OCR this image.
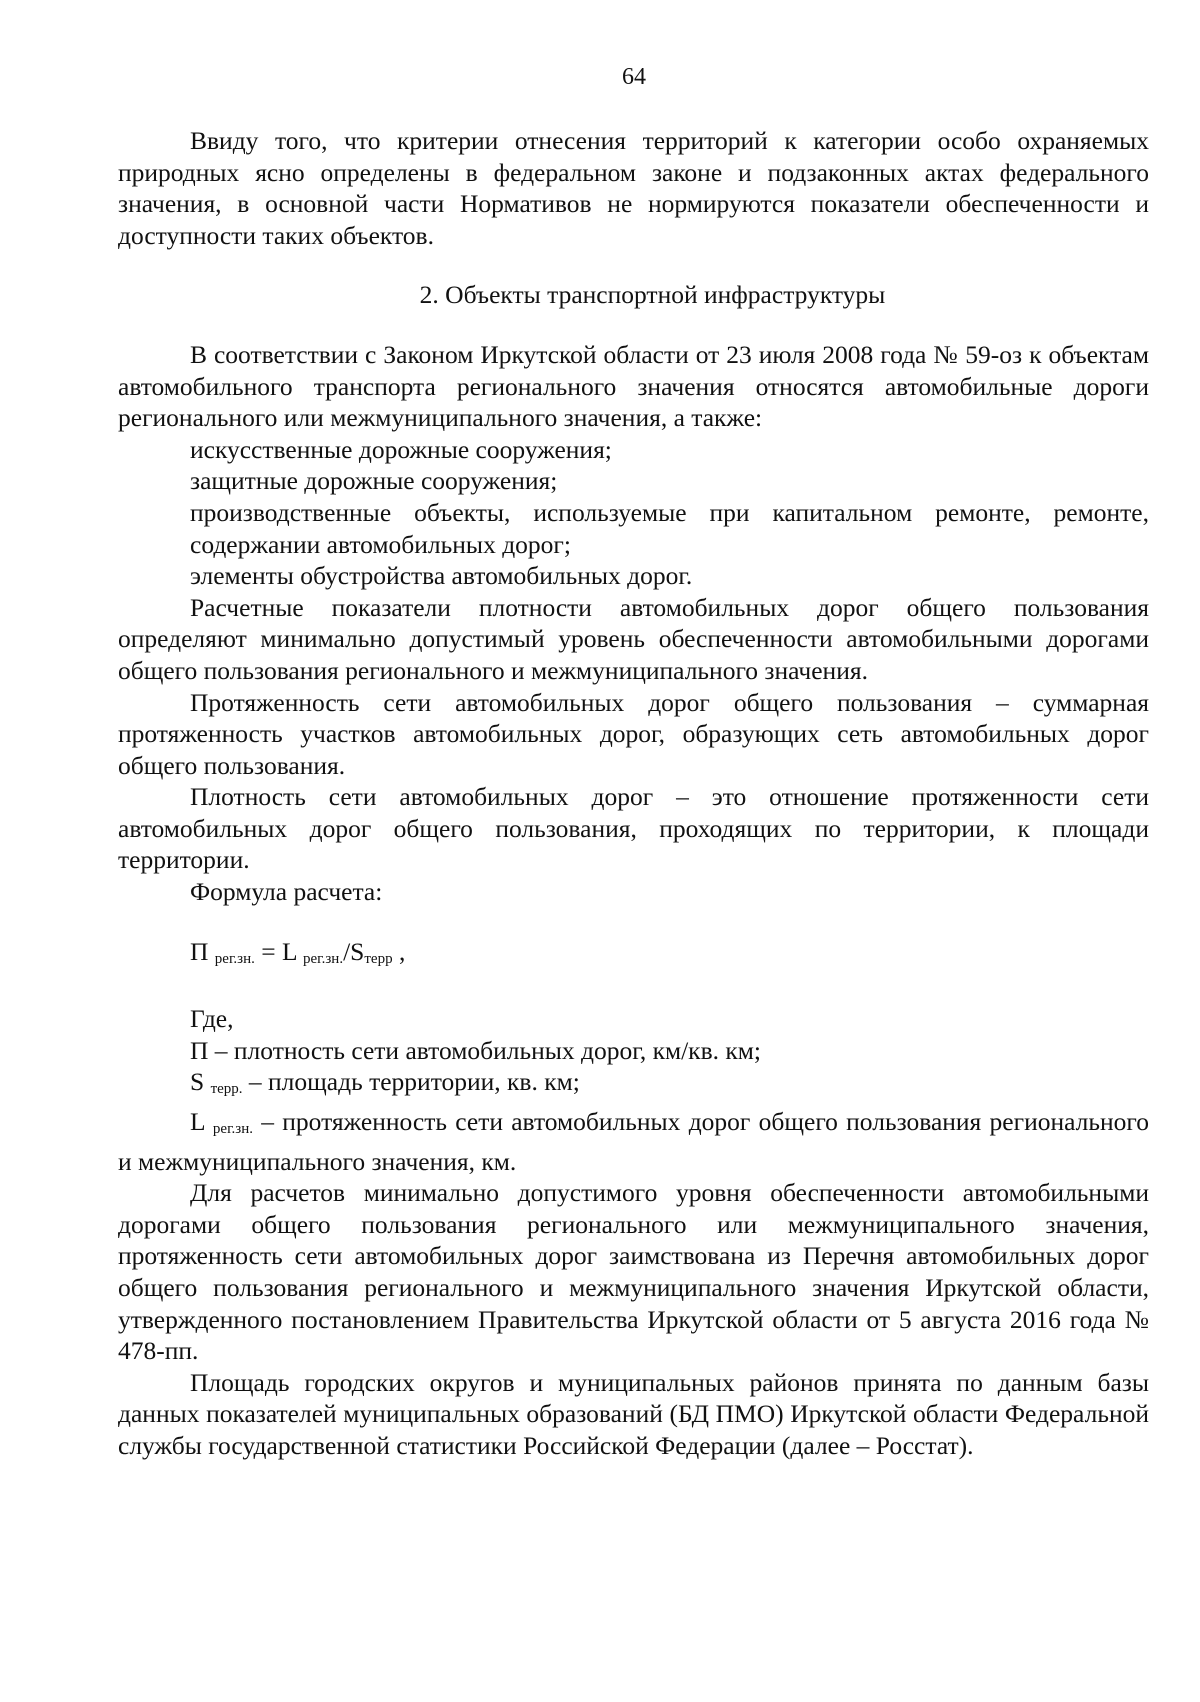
64

Ввиду того, что критерии отнесения территорий к категории особо охраняемых природных ясно определены в федеральном законе и подзаконных актах федерального значения, в основной части Нормативов не нормируются показатели обеспеченности и доступности таких объектов.

2. Объекты транспортной инфраструктуры

В соответствии с Законом Иркутской области от 23 июля 2008 года № 59-оз к объектам автомобильного транспорта регионального значения относятся автомобильные дороги регионального или межмуниципального значения, а также:

искусственные дорожные сооружения;

защитные дорожные сооружения;

производственные объекты, используемые при капитальном ремонте, ремонте, содержании автомобильных дорог;

элементы обустройства автомобильных дорог.

Расчетные показатели плотности автомобильных дорог общего пользования определяют минимально допустимый уровень обеспеченности автомобильными дорогами общего пользования регионального и межмуниципального значения.

Протяженность сети автомобильных дорог общего пользования – суммарная протяженность участков автомобильных дорог, образующих сеть автомобильных дорог общего пользования.

Плотность сети автомобильных дорог – это отношение протяженности сети автомобильных дорог общего пользования, проходящих по территории, к площади территории.

Формула расчета:

П $_{рег.зн.}$ = L $_{рег.зн.}/S_{терр}$ ,

Где,

П – плотность сети автомобильных дорог, км/кв. км;

S терр. – площадь территории, кв. км;

L рег.зн. – протяженность сети автомобильных дорог общего пользования регионального и межмуниципального значения, км.

Для расчетов минимально допустимого уровня обеспеченности автомобильными дорогами общего пользования регионального или межмуниципального значения, протяженность сети автомобильных дорог заимствована из Перечня автомобильных дорог общего пользования регионального и межмуниципального значения Иркутской области, утвержденного постановлением Правительства Иркутской области от 5 августа 2016 года № 478-пп.

Площадь городских округов и муниципальных районов принята по данным базы данных показателей муниципальных образований (БД ПМО) Иркутской области Федеральной службы государственной статистики Российской Федерации (далее – Росстат).
